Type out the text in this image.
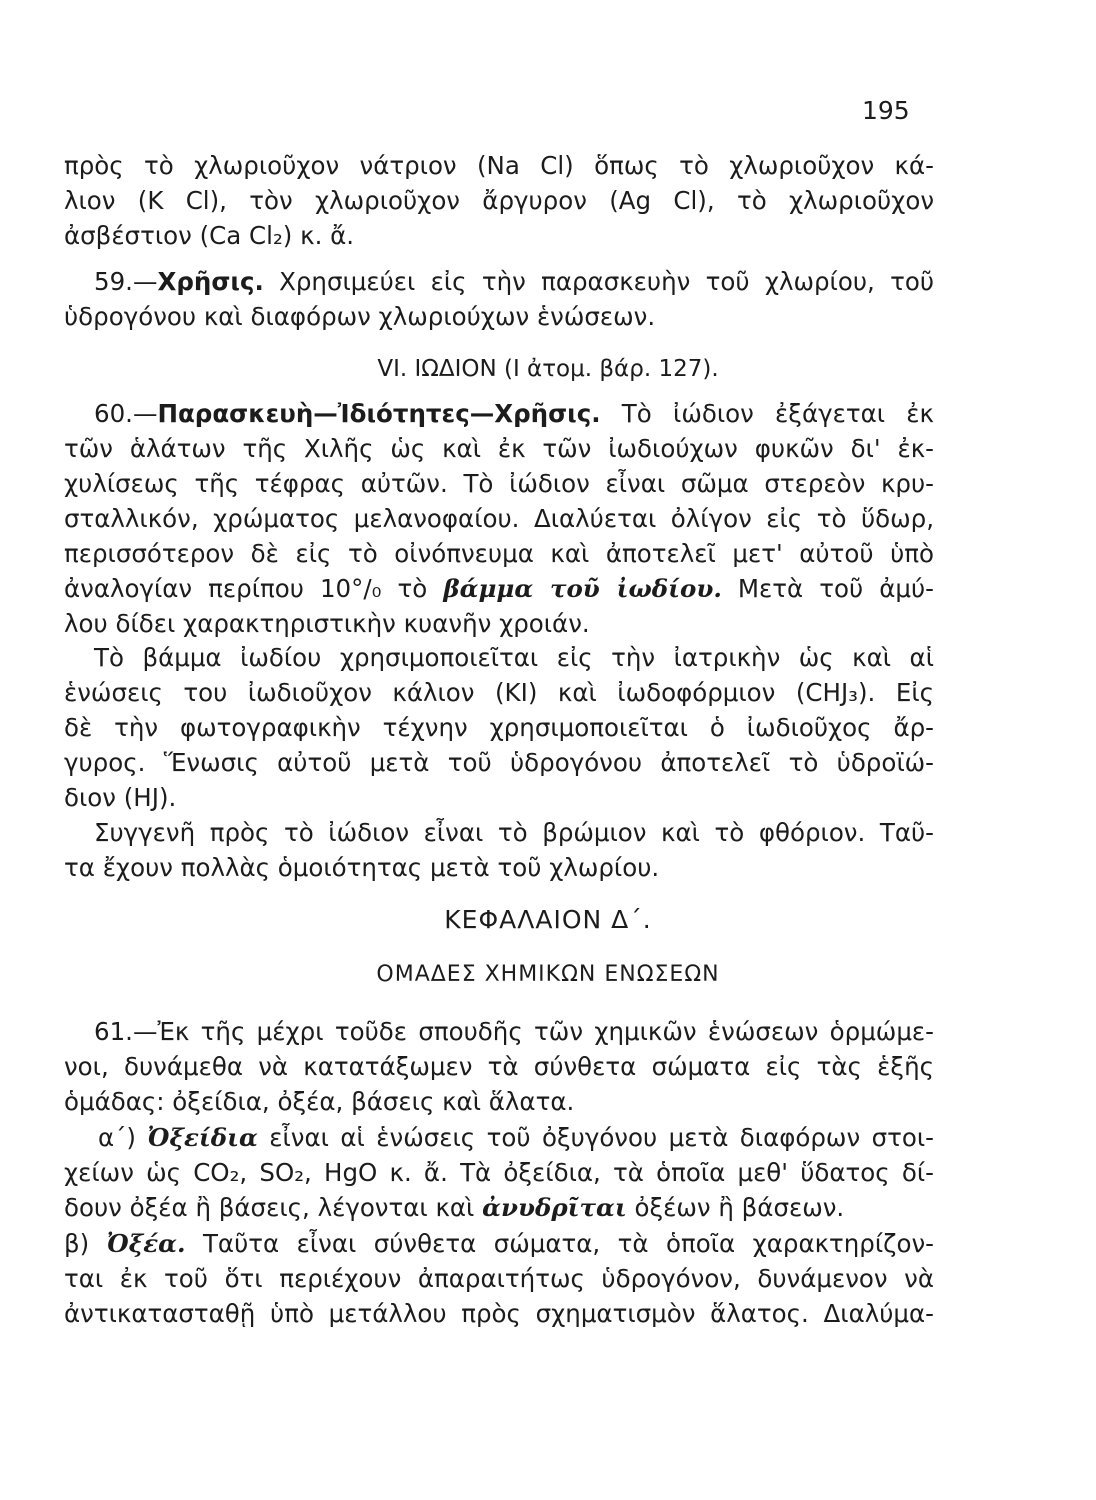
195
πρὸς τὸ χλωριοῦχον νάτριον (Na Cl) ὅπως τὸ χλωριοῦχον κά-
λιον (K Cl), τὸν χλωριοῦχον ἄργυρον (Ag Cl), τὸ χλωριοῦχον
ἀσβέστιον (Ca Cl₂) κ. ἄ.
59.—Χρῆσις. Χρησιμεύει εἰς τὴν παρασκευὴν τοῦ χλωρίου, τοῦ
ὑδρογόνου καὶ διαφόρων χλωριούχων ἑνώσεων.
VI. ΙΩΔΙΟΝ (I ἀτομ. βάρ. 127).
60.—Παρασκευὴ—Ἰδιότητες—Χρῆσις. Τὸ ἰώδιον ἐξάγεται ἐκ
τῶν ἁλάτων τῆς Χιλῆς ὡς καὶ ἐκ τῶν ἰωδιούχων φυκῶν δι' ἐκ-
χυλίσεως τῆς τέφρας αὐτῶν. Τὸ ἰώδιον εἶναι σῶμα στερεὸν κρυ-
σταλλικόν, χρώματος μελανοφαίου. Διαλύεται ὀλίγον εἰς τὸ ὕδωρ,
περισσότερον δὲ εἰς τὸ οἰνόπνευμα καὶ ἀποτελεῖ μετ' αὐτοῦ ὑπὸ
ἀναλογίαν περίπου 10°/₀ τὸ βάμμα τοῦ ἰωδίου. Μετὰ τοῦ ἀμύ-
λου δίδει χαρακτηριστικὴν κυανῆν χροιάν.
Τὸ βάμμα ἰωδίου χρησιμοποιεῖται εἰς τὴν ἰατρικὴν ὡς καὶ αἱ
ἑνώσεις του ἰωδιοῦχον κάλιον (KI) καὶ ἰωδοφόρμιον (CHJ₃). Εἰς
δὲ τὴν φωτογραφικὴν τέχνην χρησιμοποιεῖται ὁ ἰωδιοῦχος ἄρ-
γυρος. Ἕνωσις αὐτοῦ μετὰ τοῦ ὑδρογόνου ἀποτελεῖ τὸ ὑδροϊώ-
διον (HJ).
Συγγενῆ πρὸς τὸ ἰώδιον εἶναι τὸ βρώμιον καὶ τὸ φθόριον. Ταῦ-
τα ἔχουν πολλὰς ὁμοιότητας μετὰ τοῦ χλωρίου.
ΚΕΦΑΛΑΙΟΝ Δ΄.
ΟΜΑΔΕΣ ΧΗΜΙΚΩΝ ΕΝΩΣΕΩΝ
61.—Ἐκ τῆς μέχρι τοῦδε σπουδῆς τῶν χημικῶν ἑνώσεων ὁρμώμε-
νοι, δυνάμεθα νὰ κατατάξωμεν τὰ σύνθετα σώματα εἰς τὰς ἑξῆς
ὁμάδας: ὀξείδια, ὀξέα, βάσεις καὶ ἅλατα.
α΄) Ὀξείδια εἶναι αἱ ἑνώσεις τοῦ ὀξυγόνου μετὰ διαφόρων στοι-
χείων ὡς CO₂, SO₂, HgO κ. ἄ. Τὰ ὀξείδια, τὰ ὁποῖα μεθ' ὕδατος δί-
δουν ὀξέα ἢ βάσεις, λέγονται καὶ ἀνυδρῖται ὀξέων ἢ βάσεων.
β) Ὀξέα. Ταῦτα εἶναι σύνθετα σώματα, τὰ ὁποῖα χαρακτηρίζον-
ται ἐκ τοῦ ὅτι περιέχουν ἀπαραιτήτως ὑδρογόνον, δυνάμενον νὰ
ἀντικατασταθῇ ὑπὸ μετάλλου πρὸς σχηματισμὸν ἅλατος. Διαλύμα-
